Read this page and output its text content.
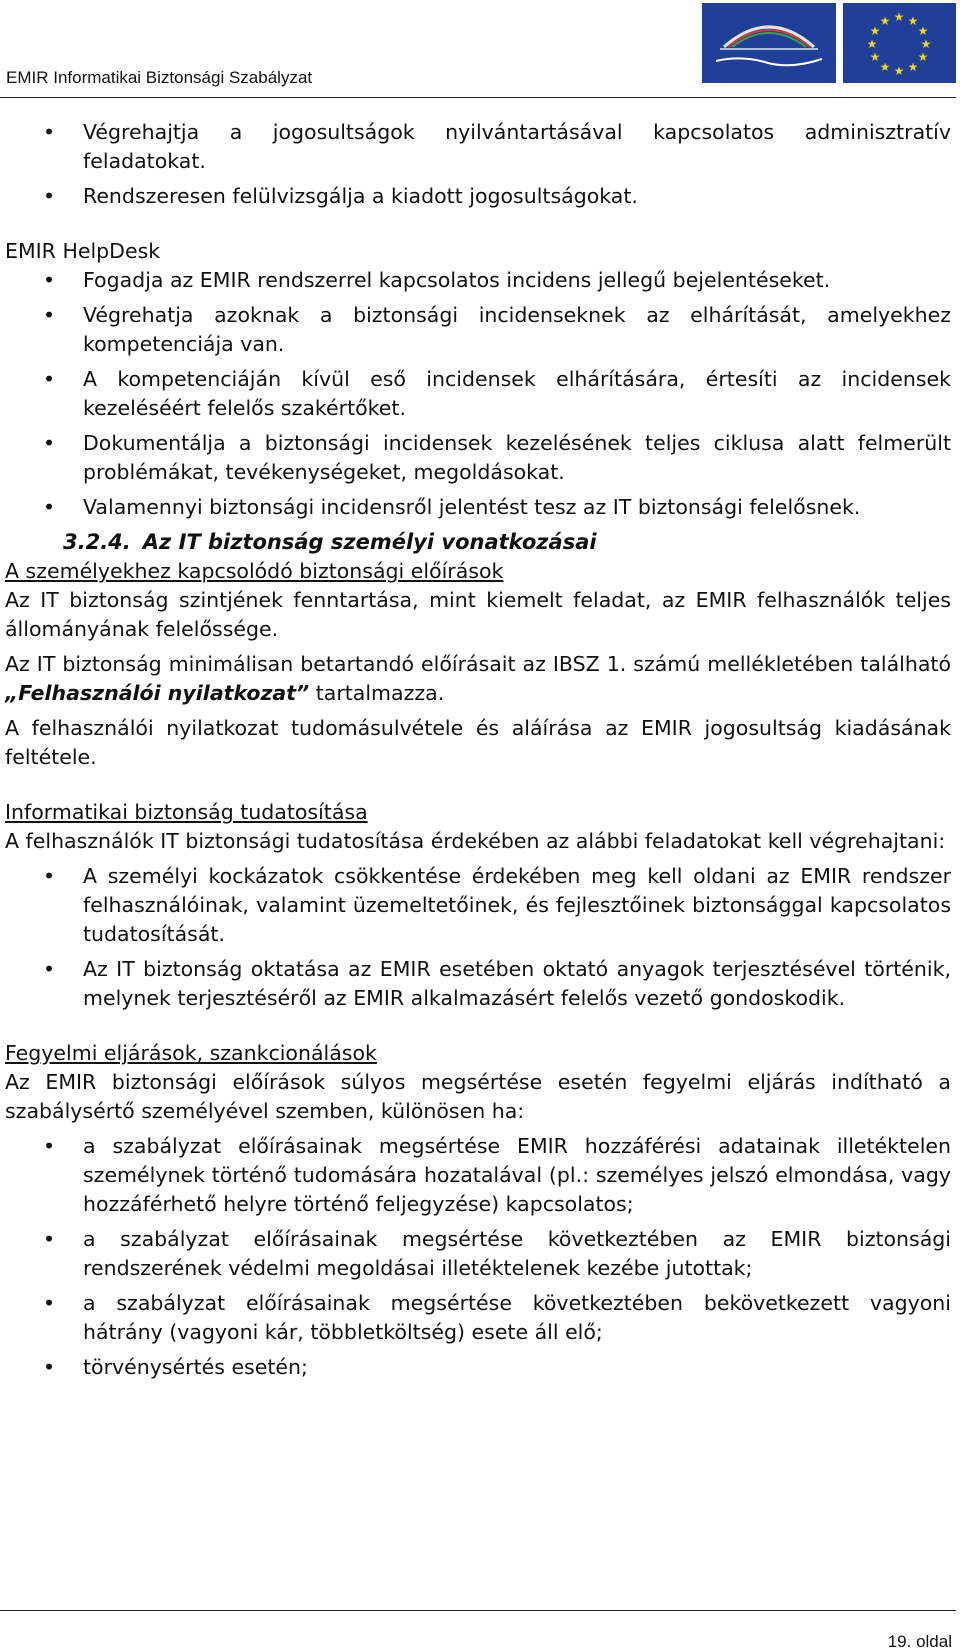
EMIR Informatikai Biztonsági Szabályzat
★ ★
★
★
★
★
★
★
★
★
★
★
• Végrehajtja a jogosultságok nyilvántartásával kapcsolatos adminisztratív feladatokat.
• Rendszeresen felülvizsgálja a kiadott jogosultságokat.

EMIR HelpDesk

• Fogadja az EMIR rendszerrel kapcsolatos incidens jellegű bejelentéseket.
• Végrehatja azoknak a biztonsági incidenseknek az elhárítását, amelyekhez kompetenciája van.
• A kompetenciáján kívül eső incidensek elhárítására, értesíti az incidensek kezeléséért felelős szakértőket.
• Dokumentálja a biztonsági incidensek kezelésének teljes ciklusa alatt felmerült problémákat, tevékenységeket, megoldásokat.
• Valamennyi biztonsági incidensről jelentést tesz az IT biztonsági felelősnek.

3.2.4. Az IT biztonság személyi vonatkozásai

A személyekhez kapcsolódó biztonsági előírások

Az IT biztonság szintjének fenntartása, mint kiemelt feladat, az EMIR felhasználók teljes állományának felelőssége.

Az IT biztonság minimálisan betartandó előírásait az IBSZ 1. számú mellékletében található „Felhasználói nyilatkozat” tartalmazza.

A felhasználói nyilatkozat tudomásulvétele és aláírása az EMIR jogosultság kiadásának feltétele.

Informatikai biztonság tudatosítása

A felhasználók IT biztonsági tudatosítása érdekében az alábbi feladatokat kell végrehajtani:

• A személyi kockázatok csökkentése érdekében meg kell oldani az EMIR rendszer felhasználóinak, valamint üzemeltetőinek, és fejlesztőinek biztonsággal kapcsolatos tudatosítását.
• Az IT biztonság oktatása az EMIR esetében oktató anyagok terjesztésével történik, melynek terjesztéséről az EMIR alkalmazásért felelős vezető gondoskodik.

Fegyelmi eljárások, szankcionálások

Az EMIR biztonsági előírások súlyos megsértése esetén fegyelmi eljárás indítható a szabálysértő személyével szemben, különösen ha:

• a szabályzat előírásainak megsértése EMIR hozzáférési adatainak illetéktelen személynek történő tudomására hozatalával (pl.: személyes jelszó elmondása, vagy hozzáférhető helyre történő feljegyzése) kapcsolatos;
• a szabályzat előírásainak megsértése következtében az EMIR biztonsági rendszerének védelmi megoldásai illetéktelenek kezébe jutottak;
• a szabályzat előírásainak megsértése következtében bekövetkezett vagyoni hátrány (vagyoni kár, többletköltség) esete áll elő;
• törvénysértés esetén;
19. oldal
